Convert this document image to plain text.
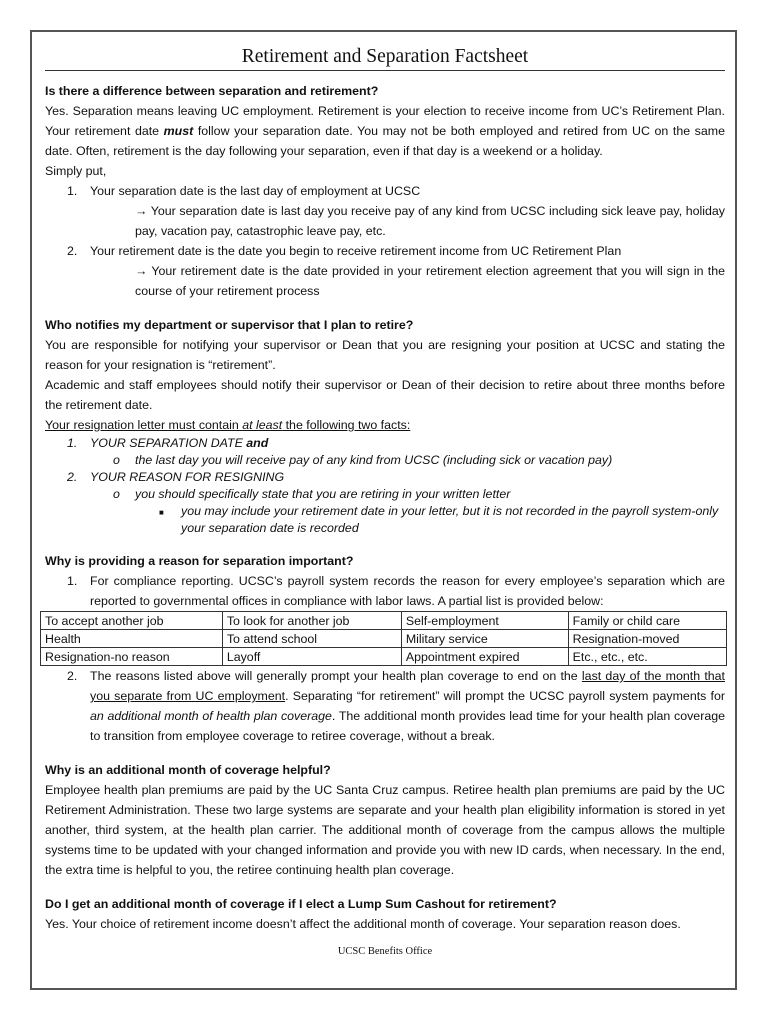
Retirement and Separation Factsheet
Is there a difference between separation and retirement?

Yes. Separation means leaving UC employment. Retirement is your election to receive income from UC’s Retirement Plan. Your retirement date must follow your separation date. You may not be both employed and retired from UC on the same date. Often, retirement is the day following your separation, even if that day is a weekend or a holiday.

Simply put,

1. Your separation date is the last day of employment at UCSC
→ Your separation date is last day you receive pay of any kind from UCSC including sick leave pay, holiday pay, vacation pay, catastrophic leave pay, etc.
2. Your retirement date is the date you begin to receive retirement income from UC Retirement Plan
→ Your retirement date is the date provided in your retirement election agreement that you will sign in the course of your retirement process
Who notifies my department or supervisor that I plan to retire?

You are responsible for notifying your supervisor or Dean that you are resigning your position at UCSC and stating the reason for your resignation is “retirement”.

Academic and staff employees should notify their supervisor or Dean of their decision to retire about three months before the retirement date.

Your resignation letter must contain at least the following two facts:

1. YOUR SEPARATION DATE and
o the last day you will receive pay of any kind from UCSC (including sick or vacation pay)
2. YOUR REASON FOR RESIGNING
o you should specifically state that you are retiring in your written letter
■ you may include your retirement date in your letter, but it is not recorded in the payroll system-only your separation date is recorded
Why is providing a reason for separation important?
1. For compliance reporting. UCSC’s payroll system records the reason for every employee’s separation which are reported to governmental offices in compliance with labor laws. A partial list is provided below:
To accept another job	To look for another job	Self-employment	Family or child care
Health	To attend school	Military service	Resignation-moved
Resignation-no reason	Layoff	Appointment expired	Etc., etc., etc.
2. The reasons listed above will generally prompt your health plan coverage to end on the last day of the month that you separate from UC employment. Separating “for retirement” will prompt the UCSC payroll system payments for an additional month of health plan coverage. The additional month provides lead time for your health plan coverage to transition from employee coverage to retiree coverage, without a break.
Why is an additional month of coverage helpful?

Employee health plan premiums are paid by the UC Santa Cruz campus. Retiree health plan premiums are paid by the UC Retirement Administration. These two large systems are separate and your health plan eligibility information is stored in yet another, third system, at the health plan carrier. The additional month of coverage from the campus allows the multiple systems time to be updated with your changed information and provide you with new ID cards, when necessary. In the end, the extra time is helpful to you, the retiree continuing health plan coverage.

Do I get an additional month of coverage if I elect a Lump Sum Cashout for retirement?

Yes. Your choice of retirement income doesn’t affect the additional month of coverage. Your separation reason does.

UCSC Benefits Office
